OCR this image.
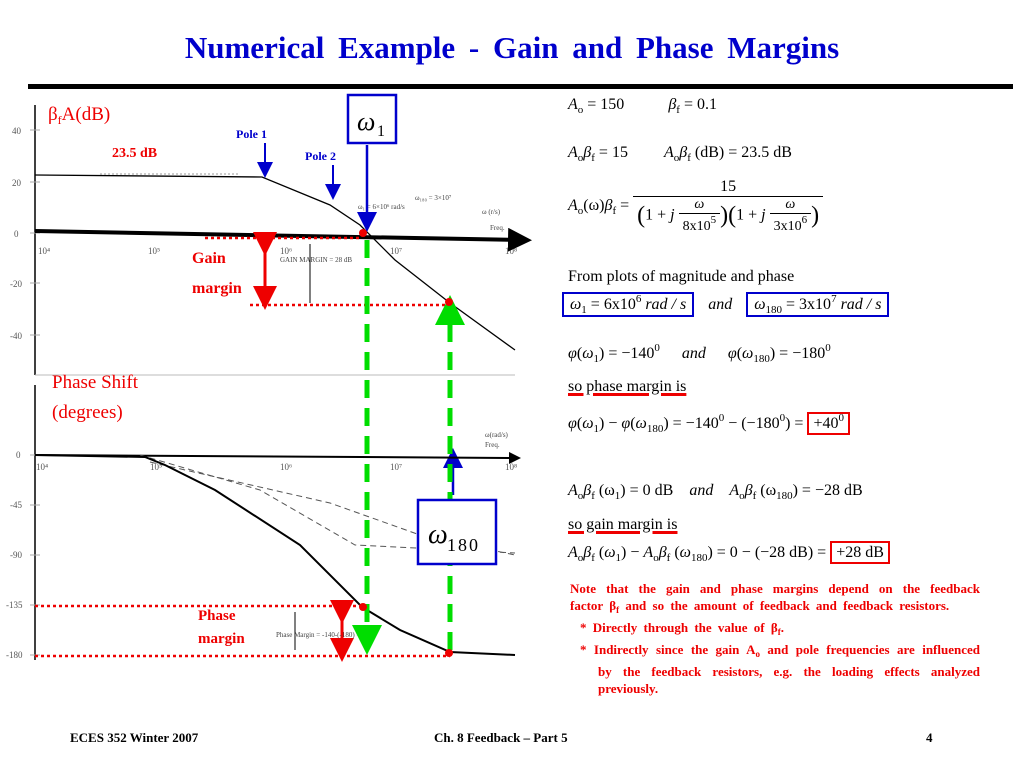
Numerical Example - Gain and Phase Margins
40
20
0
-20
-40
10⁴	10⁵	10⁶	10⁷	10⁸
ω₁ = 6×10⁶ rad/s
ω₁₈₀ = 3×10⁷
ω (r/s)
Freq.
GAIN MARGIN = 28 dB
ω 1
0
-45
-90
-135
-180
10⁴	10⁵	10⁶	10⁷	10⁸
ω(rad/s)
Freq.
Phase Margin = -140-(-180) = +40°
ω 180
$\beta_fA(dB)$
23.5 dB
Pole 1
Pole 2
Gain
margin
Phase Shift
(degrees)
Phase
margin
$A_o = 150$	$\beta_f = 0.1$
$A_o\beta_f = 15$ $A_o\beta_f$ (dB) = 23.5 dB
$A_o(\omega)\beta_f = \frac{15}{(1 + j \frac{\omega}{8x10^5} )(1 + j \frac{\omega}{3x10^6} )}$
From plots of magnitude and phase
$\omega_1 = 6x10^6$ rad / s and $\omega_{180} = 3x10^7$ rad / s
$\varphi(\omega_1) = -140^0$ and $\varphi(\omega_{180}) = -180^0$
so phase margin is
$\varphi(\omega_1) - \varphi(\omega_{180}) = -140^0 - (-180^0) = +40^0$
$A_o\beta_f$ $(\omega_1) = 0$ dB and $A_o\beta_f$ $(\omega_{180}) = -28$ dB
so gain margin is
$A_o\beta_f$ $(\omega_1) - A_o\beta_f$ $(\omega_{180}) = 0 - (-28$ dB) = +28 dB
Note that the gain and phase margins depend on the feedback factor $\beta_f$ and so the amount of feedback and feedback resistors.
* Directly through the value of $\beta_f$.
* Indirectly since the gain $A_o$ and pole frequencies are influenced by the feedback resistors, e.g. the loading effects analyzed previously.
ECES 352 Winter 2007	Ch. 8 Feedback – Part 5	4
